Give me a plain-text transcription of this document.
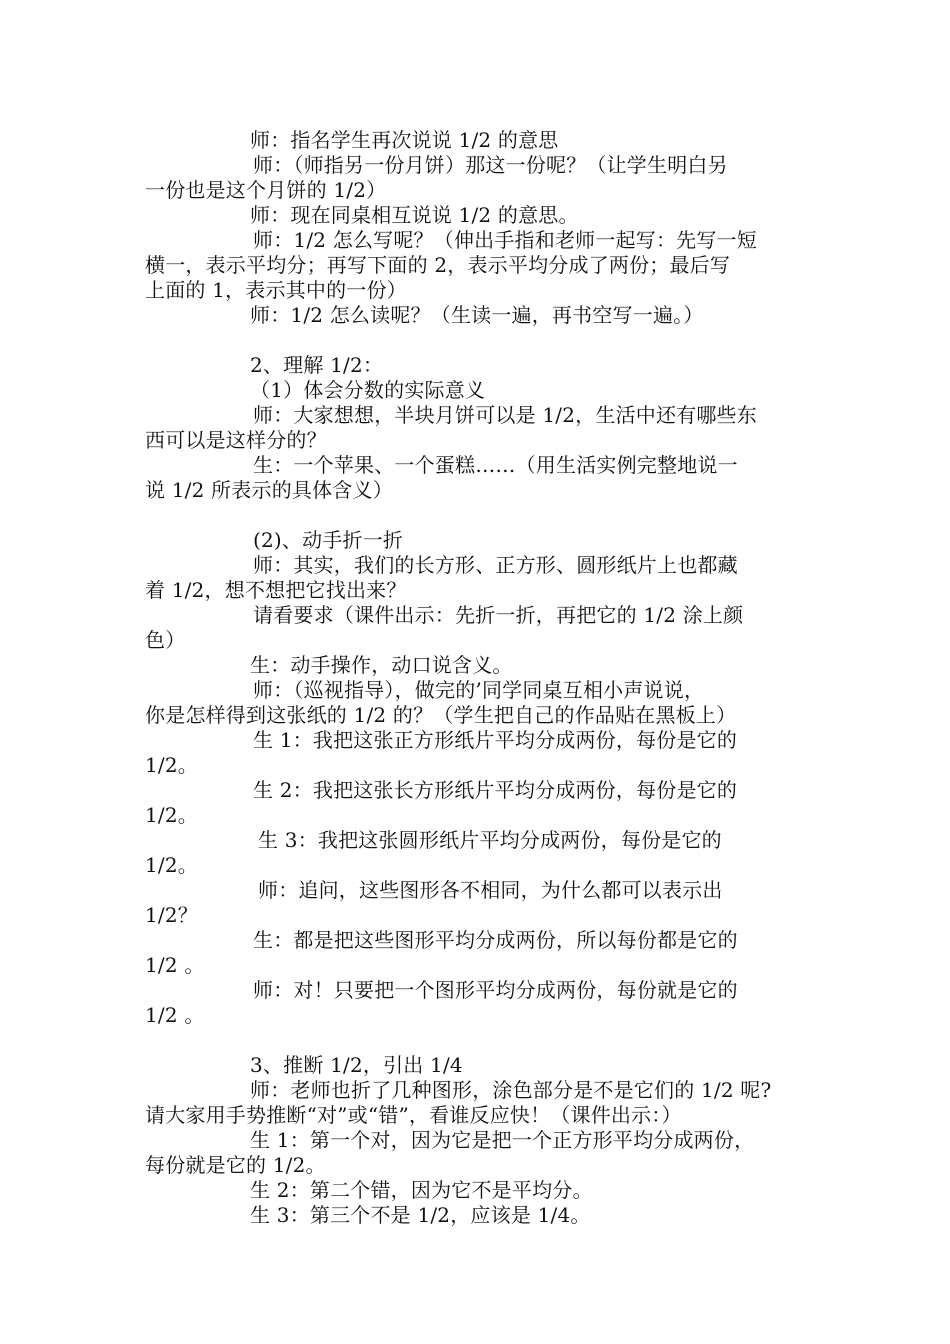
师：指名学生再次说说 1/2 的意思
师：（师指另一份月饼）那这一份呢？（让学生明白另
一份也是这个月饼的 1/2）
师：现在同桌相互说说 1/2 的意思。
师：1/2 怎么写呢？（伸出手指和老师一起写：先写一短
横一，表示平均分；再写下面的 2，表示平均分成了两份；最后写
上面的 1，表示其中的一份）
师：1/2 怎么读呢？（生读一遍，再书空写一遍。）
2、理解 1/2：
（1）体会分数的实际意义
师：大家想想，半块月饼可以是 1/2，生活中还有哪些东
西可以是这样分的？
生：一个苹果、一个蛋糕……（用生活实例完整地说一
说 1/2 所表示的具体含义）
(2)、动手折一折
师：其实，我们的长方形、正方形、圆形纸片上也都藏
着 1/2，想不想把它找出来？
请看要求（课件出示：先折一折，再把它的 1/2 涂上颜
色）
生：动手操作，动口说含义。
师：（巡视指导），做完的’同学同桌互相小声说说，
你是怎样得到这张纸的 1/2 的？（学生把自己的作品贴在黑板上）
生 1：我把这张正方形纸片平均分成两份，每份是它的
1/2。
生 2：我把这张长方形纸片平均分成两份，每份是它的
1/2。
生 3：我把这张圆形纸片平均分成两份，每份是它的
1/2。
师：追问，这些图形各不相同，为什么都可以表示出
1/2？
生：都是把这些图形平均分成两份，所以每份都是它的
1/2 。
师：对！只要把一个图形平均分成两份，每份就是它的
1/2 。
3、推断 1/2，引出 1/4
师：老师也折了几种图形，涂色部分是不是它们的 1/2 呢?
请大家用手势推断“对”或“错”，看谁反应快！（课件出示：）
生 1：第一个对，因为它是把一个正方形平均分成两份，
每份就是它的 1/2。
生 2：第二个错，因为它不是平均分。
生 3：第三个不是 1/2，应该是 1/4。
